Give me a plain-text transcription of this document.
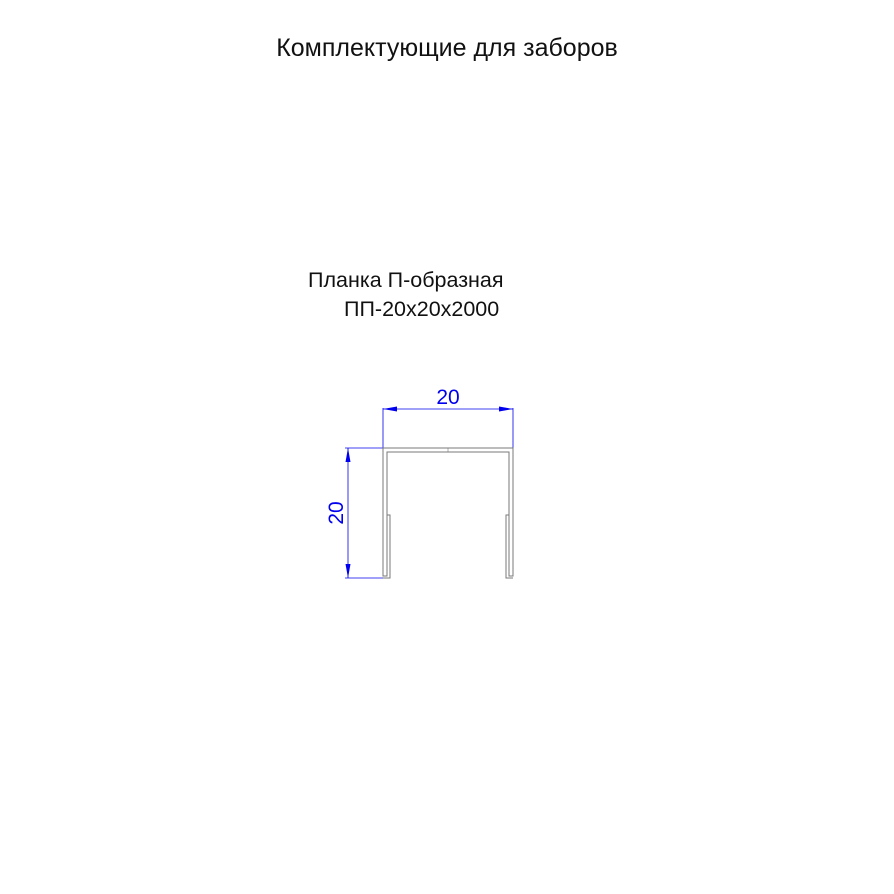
Комплектующие для заборов
Планка П-образная
ПП-20x20x2000
20
20
